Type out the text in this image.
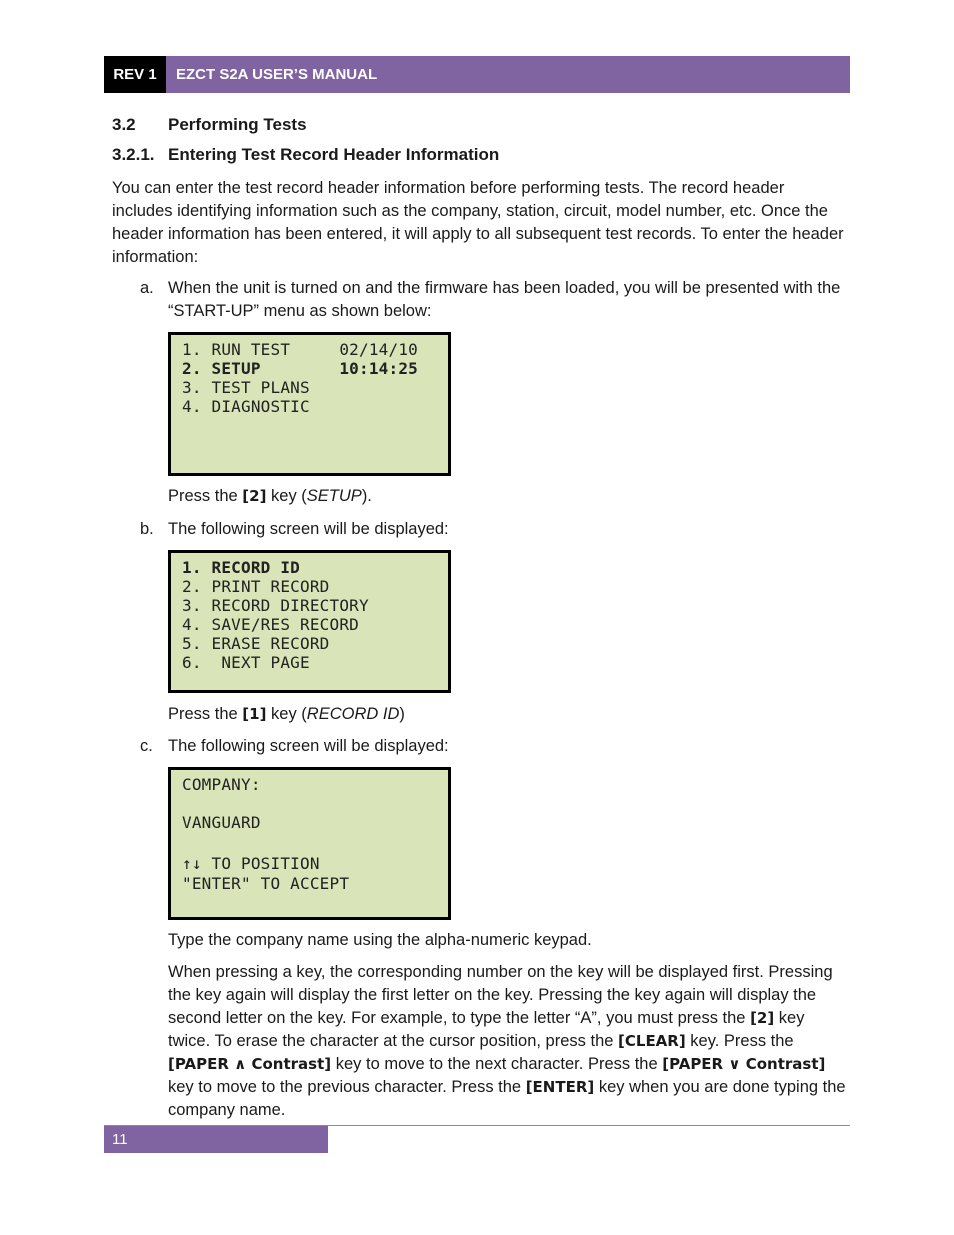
REV 1	EZCT S2A USER’S MANUAL
3.2 Performing Tests
3.2.1. Entering Test Record Header Information

You can enter the test record header information before performing tests. The record header includes identifying information such as the company, station, circuit, model number, etc. Once the header information has been entered, it will apply to all subsequent test records. To enter the header information:

a. When the unit is turned on and the firmware has been loaded, you will be presented with the “START-UP” menu as shown below:

1. RUN TEST     02/14/10
2. SETUP        10:14:25
3. TEST PLANS
4. DIAGNOSTIC

Press the [2] key (SETUP).

b. The following screen will be displayed:

1. RECORD ID
2. PRINT RECORD
3. RECORD DIRECTORY
4. SAVE/RES RECORD
5. ERASE RECORD
6.  NEXT PAGE

Press the [1] key (RECORD ID)

c. The following screen will be displayed:

COMPANY:
VANGUARD
↑↓ TO POSITION
"ENTER" TO ACCEPT

Type the company name using the alpha-numeric keypad.

When pressing a key, the corresponding number on the key will be displayed first. Pressing the key again will display the first letter on the key. Pressing the key again will display the second letter on the key. For example, to type the letter “A”, you must press the [2] key twice. To erase the character at the cursor position, press the [CLEAR] key. Press the [PAPER ∧ Contrast] key to move to the next character. Press the [PAPER ∨ Contrast] key to move to the previous character. Press the [ENTER] key when you are done typing the company name.

11
